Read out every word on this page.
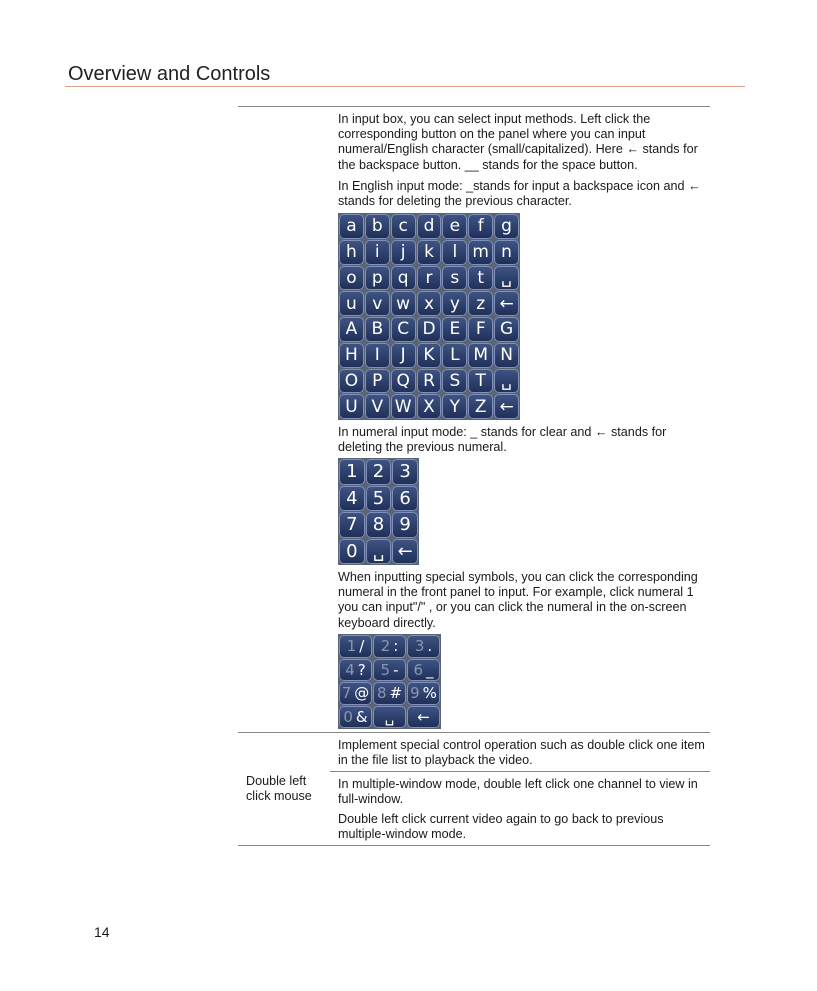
Overview and Controls
In input box, you can select input methods. Left click the corresponding button on the panel where you can input numeral/English character (small/capitalized). Here ← stands for the backspace button. __ stands for the space button.
In English input mode: _stands for input a backspace icon and ← stands for deleting the previous character.
a b c d e	f	g
h	i	j	k	l m n
o p q r	s	t	␣
u v w x y z ←
A B C D E F G
H I	J	K L M N
O P Q R S T ␣
U V W X Y Z ←
In numeral input mode: _ stands for clear and ← stands for deleting the previous numeral.
1 2 3
4 5 6
7 8 9
0 ␣ ←
When inputting special symbols, you can click the corresponding numeral in the front panel to input. For example, click numeral 1 you can input"/" , or you can click the numeral in the on-screen keyboard directly.
1 / 2 : 3 .
4 ? 5 - 6 _
7 @ 8 # 9 %
0 & ␣ ←
Double left click mouse
Implement special control operation such as double click one item in the file list to playback the video.
In multiple-window mode, double left click one channel to view in full-window.
Double left click current video again to go back to previous multiple-window mode.
14
